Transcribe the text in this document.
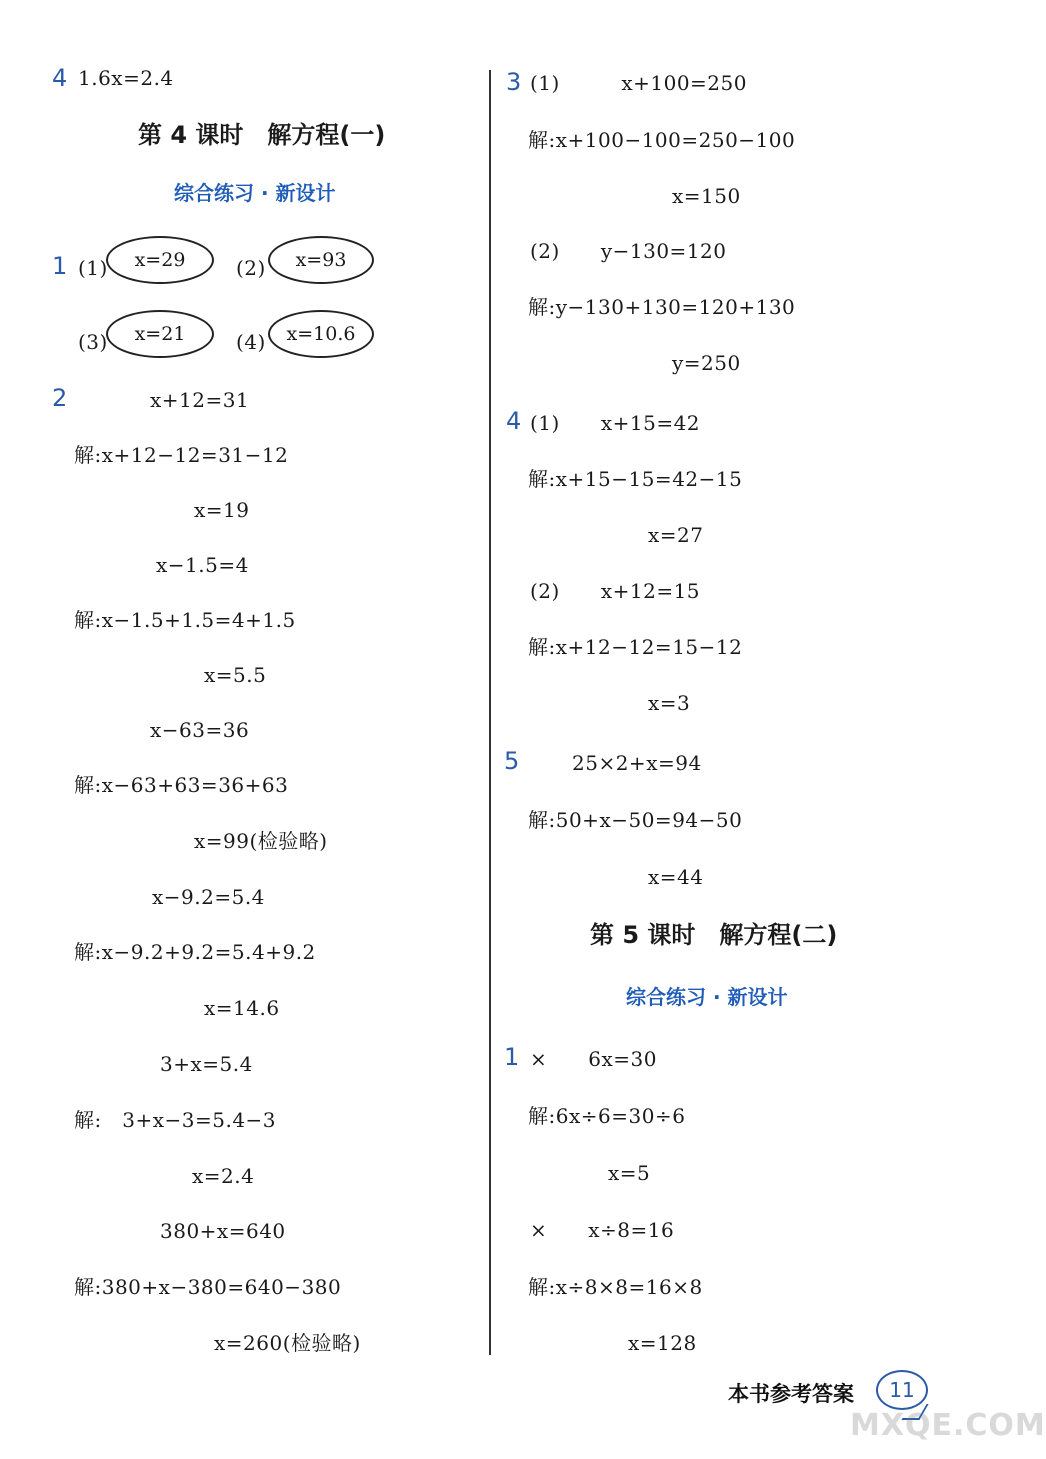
4 1.6x=2.4
第 4 课时　解方程(一)
综合练习 · 新设计
1 (1) x=29	(2) x=93
(3) x=21	(4) x=10.6
2	x+12=31
解:x+12−12=31−12
x=19
x−1.5=4
解:x−1.5+1.5=4+1.5
x=5.5
x−63=36
解:x−63+63=36+63
x=99(检验略)
x−9.2=5.4
解:x−9.2+9.2=5.4+9.2
x=14.6
3+x=5.4
解:　3+x−3=5.4−3
x=2.4
380+x=640
解:380+x−380=640−380
x=260(检验略)
3 (1)　　　x+100=250
解:x+100−100=250−100
x=150
(2)　　y−130=120
解:y−130+130=120+130
y=250
4 (1)　　x+15=42
解:x+15−15=42−15
x=27
(2)　　x+12=15
解:x+12−12=15−12
x=3
5	25×2+x=94
解:50+x−50=94−50
x=44
第 5 课时　解方程(二)
综合练习 · 新设计
1 ×　　6x=30
解:6x÷6=30÷6
x=5
×　　x÷8=16
解:x÷8×8=16×8
x=128
本书参考答案 11
MXQE.COM
